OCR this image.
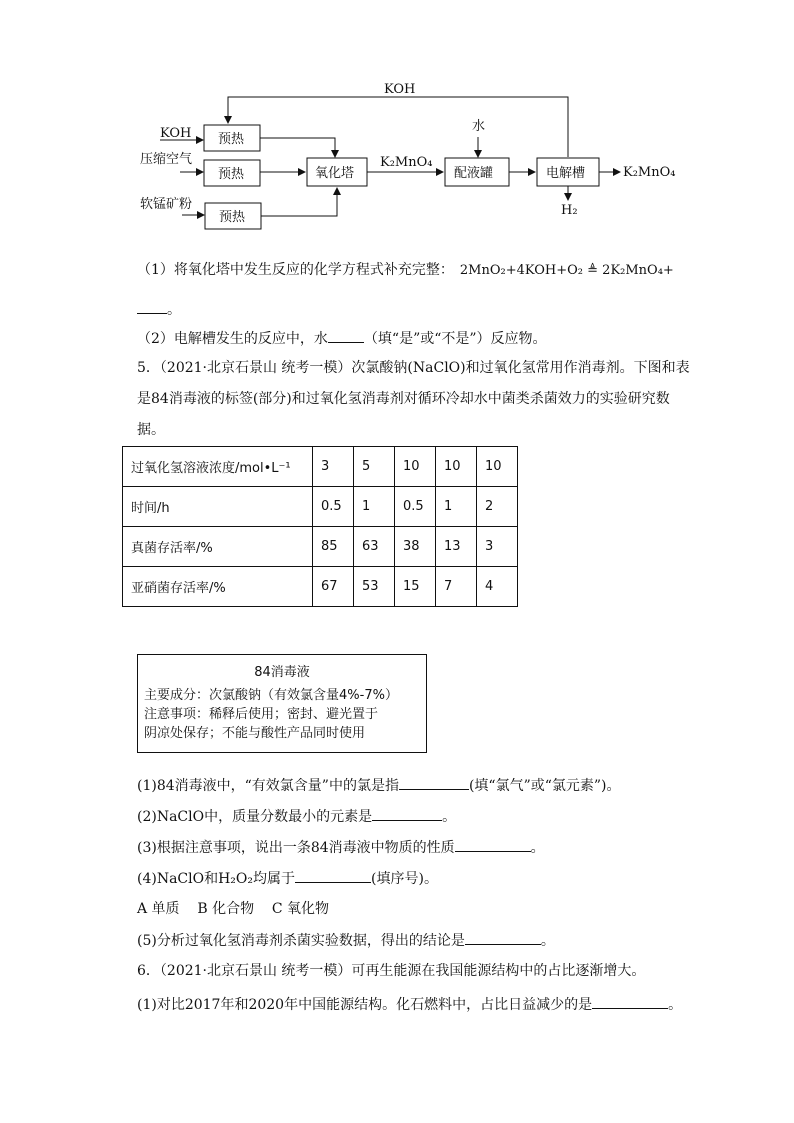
KOH
预热
预热
预热
KOH
压缩空气
软锰矿粉
氧化塔
K₂MnO₄
水
配液罐	电解槽	K₂MnO₄
H₂
（1）将氧化塔中发生反应的化学方程式补充完整： 2MnO₂+4KOH+O₂ ≜ 2K₂MnO₄+
。
（2）电解槽发生的反应中，水	（填“是”或“不是”）反应物。
5．（2021·北京石景山 统考一模）次氯酸钠(NaClO)和过氧化氢常用作消毒剂。下图和表
是84消毒液的标签(部分)和过氧化氢消毒剂对循环冷却水中菌类杀菌效力的实验研究数
据。
过氧化氢溶液浓度/mol•L⁻¹	3	5	10	10	10
时间/h	0.5	1	0.5	1	2
真菌存活率/%	85	63	38	13	3
亚硝菌存活率/%	67	53	15	7	4
84消毒液
主要成分：次氯酸钠（有效氯含量4%-7%）
注意事项：稀释后使用；密封、避光置于
阴凉处保存；不能与酸性产品同时使用
(1)84消毒液中，“有效氯含量”中的氯是指	(填“氯气”或“氯元素”)。
(2)NaClO中，质量分数最小的元素是	。
(3)根据注意事项，说出一条84消毒液中物质的性质	。
(4)NaClO和H₂O₂均属于	(填序号)。
A 单质    B 化合物    C 氧化物
(5)分析过氧化氢消毒剂杀菌实验数据，得出的结论是	。
6．（2021·北京石景山 统考一模）可再生能源在我国能源结构中的占比逐渐增大。
(1)对比2017年和2020年中国能源结构。化石燃料中，占比日益减少的是	。
